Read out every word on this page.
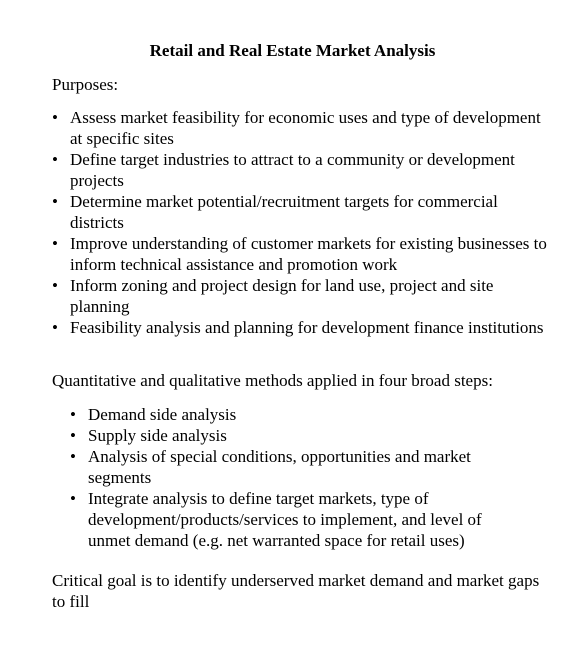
Retail and Real Estate Market Analysis
Purposes:
• Assess market feasibility for economic uses and type of development at specific sites
• Define target industries to attract to a community or development projects
• Determine market potential/recruitment targets for commercial districts
• Improve understanding of customer markets for existing businesses to inform technical assistance and promotion work
• Inform zoning and project design for land use, project and site planning
• Feasibility analysis and planning for development finance institutions
Quantitative and qualitative methods applied in four broad steps:
• Demand side analysis
• Supply side analysis
• Analysis of special conditions, opportunities and market segments
• Integrate analysis to define target markets, type of development/products/services to implement, and level of unmet demand (e.g. net warranted space for retail uses)
Critical goal is to identify underserved market demand and market gaps to fill
